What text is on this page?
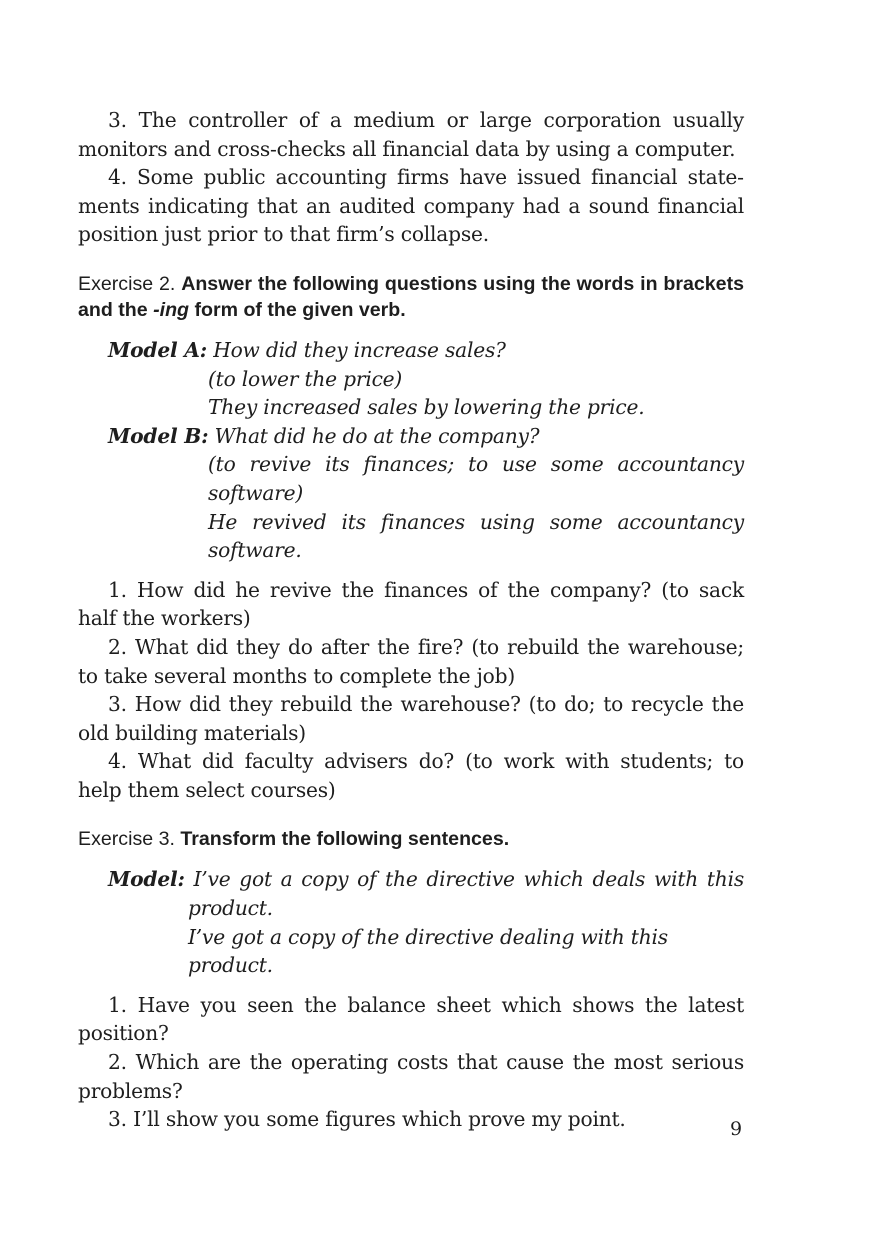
3. The controller of a medium or large corporation usually monitors and cross-checks all financial data by using a computer.

4. Some public accounting firms have issued financial statements indicating that an audited company had a sound financial position just prior to that firm’s collapse.

Exercise 2. Answer the following questions using the words in brackets and the -ing form of the given verb.

Model A: How did they increase sales?
(to lower the price)
They increased sales by lowering the price.
Model B: What did he do at the company?
(to revive its finances; to use some accountancy software)
He revived its finances using some accountancy software.

1. How did he revive the finances of the company? (to sack half the workers)

2. What did they do after the fire? (to rebuild the warehouse; to take several months to complete the job)

3. How did they rebuild the warehouse? (to do; to recycle the old building materials)

4. What did faculty advisers do? (to work with students; to help them select courses)

Exercise 3. Transform the following sentences.

Model: I’ve got a copy of the directive which deals with this product.
I’ve got a copy of the directive dealing with this product.

1. Have you seen the balance sheet which shows the latest position?

2. Which are the operating costs that cause the most serious problems?

3. I’ll show you some figures which prove my point.	9
